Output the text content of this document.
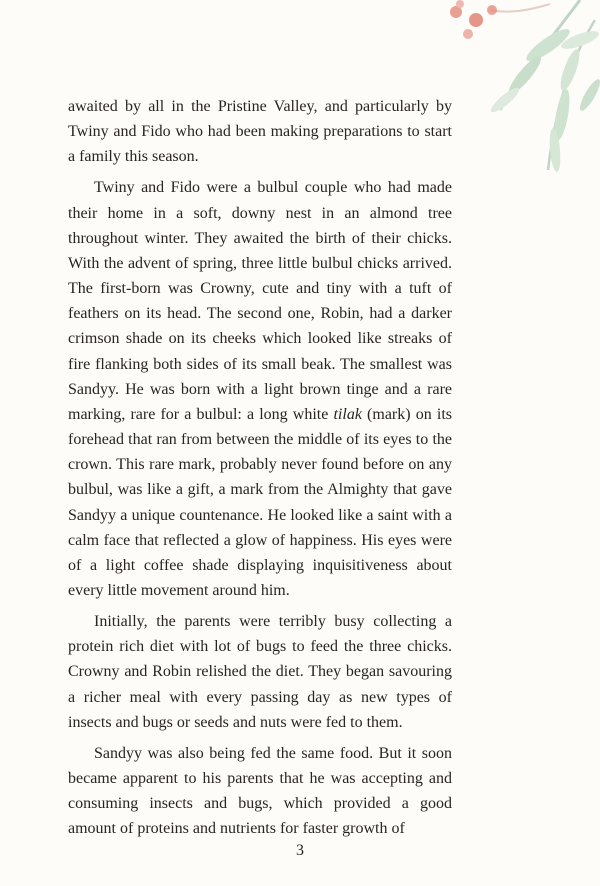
awaited by all in the Pristine Valley, and particularly by Twiny and Fido who had been making preparations to start a family this season.

Twiny and Fido were a bulbul couple who had made their home in a soft, downy nest in an almond tree throughout winter. They awaited the birth of their chicks. With the advent of spring, three little bulbul chicks arrived. The first-born was Crowny, cute and tiny with a tuft of feathers on its head. The second one, Robin, had a darker crimson shade on its cheeks which looked like streaks of fire flanking both sides of its small beak. The smallest was Sandyy. He was born with a light brown tinge and a rare marking, rare for a bulbul: a long white tilak (mark) on its forehead that ran from between the middle of its eyes to the crown. This rare mark, probably never found before on any bulbul, was like a gift, a mark from the Almighty that gave Sandyy a unique countenance. He looked like a saint with a calm face that reflected a glow of happiness. His eyes were of a light coffee shade displaying inquisitiveness about every little movement around him.

Initially, the parents were terribly busy collecting a protein rich diet with lot of bugs to feed the three chicks. Crowny and Robin relished the diet. They began savouring a richer meal with every passing day as new types of insects and bugs or seeds and nuts were fed to them.

Sandyy was also being fed the same food. But it soon became apparent to his parents that he was accepting and consuming insects and bugs, which provided a good amount of proteins and nutrients for faster growth of

3
